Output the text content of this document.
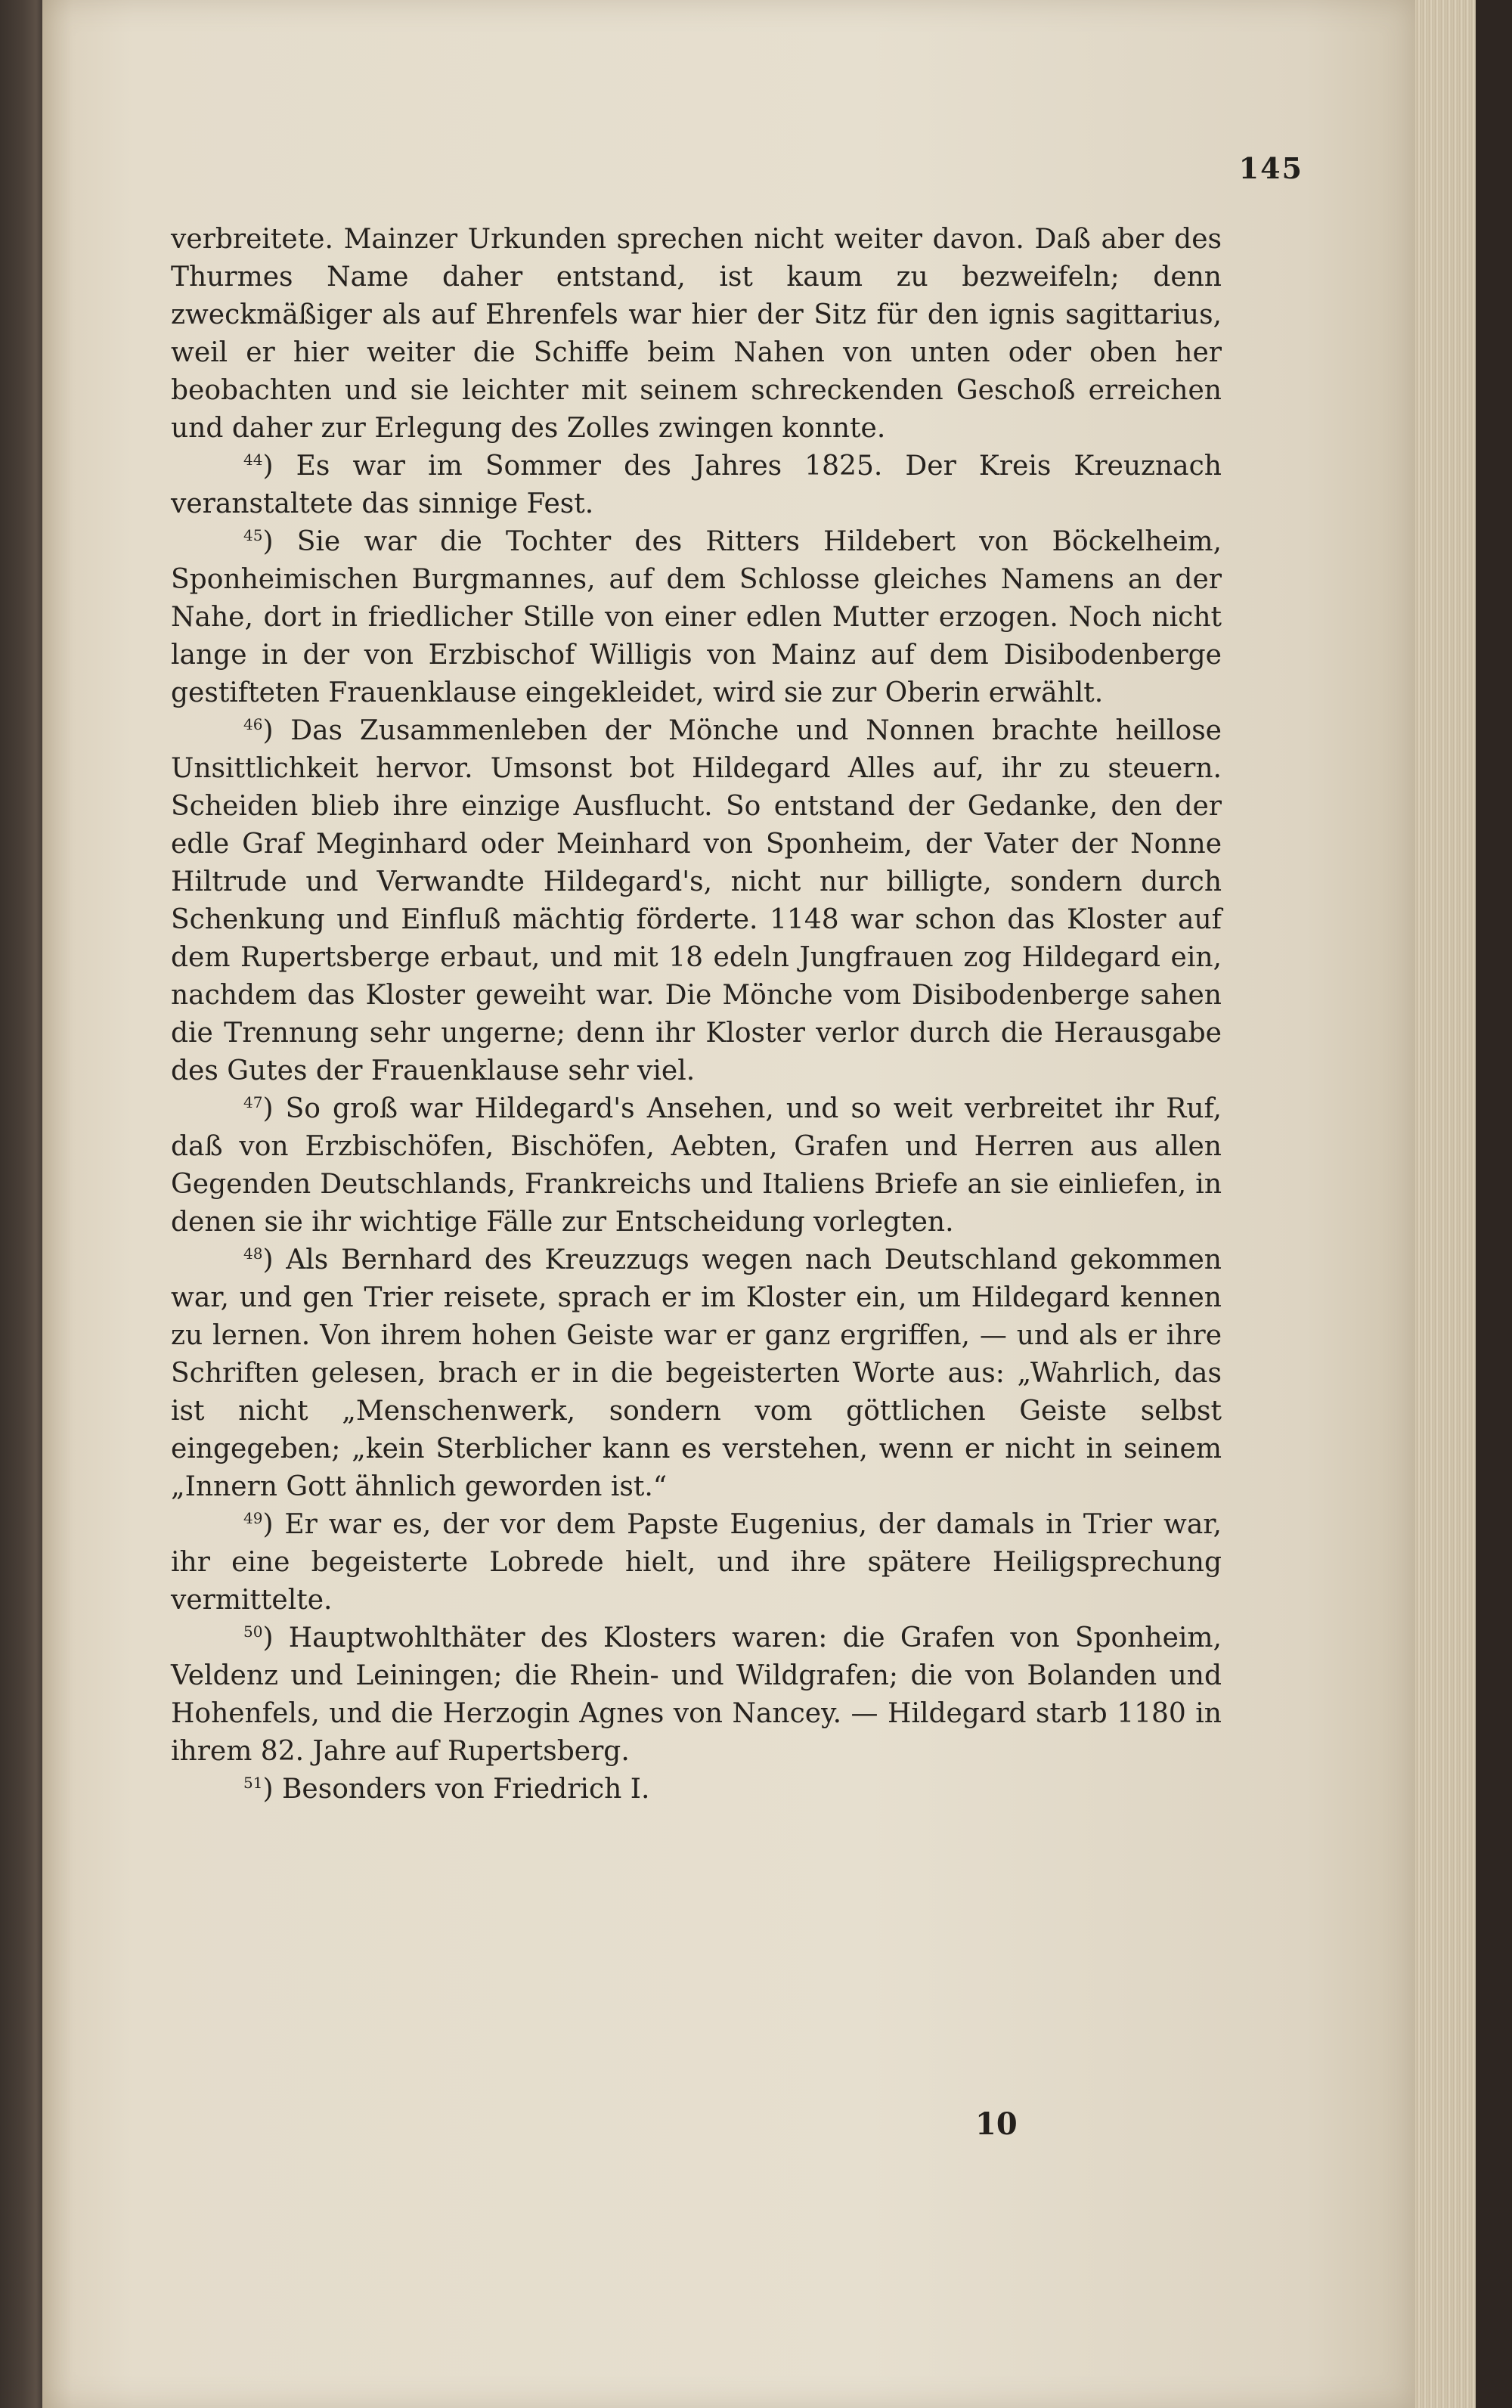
145

verbreitete. Mainzer Urkunden sprechen nicht weiter davon. Daß aber des Thurmes Name daher entstand, ist kaum zu bezweifeln; denn zweckmäßiger als auf Ehrenfels war hier der Sitz für den ignis sagittarius, weil er hier weiter die Schiffe beim Nahen von unten oder oben her beobachten und sie leichter mit seinem schreckenden Geschoß erreichen und daher zur Erlegung des Zolles zwingen konnte.

$^{44}$) Es war im Sommer des Jahres 1825. Der Kreis Kreuznach veranstaltete das sinnige Fest.

$^{45}$) Sie war die Tochter des Ritters Hildebert von Böckelheim, Sponheimischen Burgmannes, auf dem Schlosse gleiches Namens an der Nahe, dort in friedlicher Stille von einer edlen Mutter erzogen. Noch nicht lange in der von Erzbischof Willigis von Mainz auf dem Disibodenberge gestifteten Frauenklause eingekleidet, wird sie zur Oberin erwählt.

$^{46}$) Das Zusammenleben der Mönche und Nonnen brachte heillose Unsittlichkeit hervor. Umsonst bot Hildegard Alles auf, ihr zu steuern. Scheiden blieb ihre einzige Ausflucht. So entstand der Gedanke, den der edle Graf Meginhard oder Meinhard von Sponheim, der Vater der Nonne Hiltrude und Verwandte Hildegard's, nicht nur billigte, sondern durch Schenkung und Einfluß mächtig förderte. 1148 war schon das Kloster auf dem Rupertsberge erbaut, und mit 18 edeln Jungfrauen zog Hildegard ein, nachdem das Kloster geweiht war. Die Mönche vom Disibodenberge sahen die Trennung sehr ungerne; denn ihr Kloster verlor durch die Herausgabe des Gutes der Frauenklause sehr viel.

$^{47}$) So groß war Hildegard's Ansehen, und so weit verbreitet ihr Ruf, daß von Erzbischöfen, Bischöfen, Aebten, Grafen und Herren aus allen Gegenden Deutschlands, Frankreichs und Italiens Briefe an sie einliefen, in denen sie ihr wichtige Fälle zur Entscheidung vorlegten.

$^{48}$) Als Bernhard des Kreuzzugs wegen nach Deutschland gekommen war, und gen Trier reisete, sprach er im Kloster ein, um Hildegard kennen zu lernen. Von ihrem hohen Geiste war er ganz ergriffen, — und als er ihre Schriften gelesen, brach er in die begeisterten Worte aus: „Wahrlich, das ist nicht „Menschenwerk, sondern vom göttlichen Geiste selbst eingegeben; „kein Sterblicher kann es verstehen, wenn er nicht in seinem „Innern Gott ähnlich geworden ist.“

$^{49}$) Er war es, der vor dem Papste Eugenius, der damals in Trier war, ihr eine begeisterte Lobrede hielt, und ihre spätere Heiligsprechung vermittelte.

$^{50}$) Hauptwohlthäter des Klosters waren: die Grafen von Sponheim, Veldenz und Leiningen; die Rhein- und Wildgrafen; die von Bolanden und Hohenfels, und die Herzogin Agnes von Nancey. — Hildegard starb 1180 in ihrem 82. Jahre auf Rupertsberg.

$^{51}$) Besonders von Friedrich I.

10
